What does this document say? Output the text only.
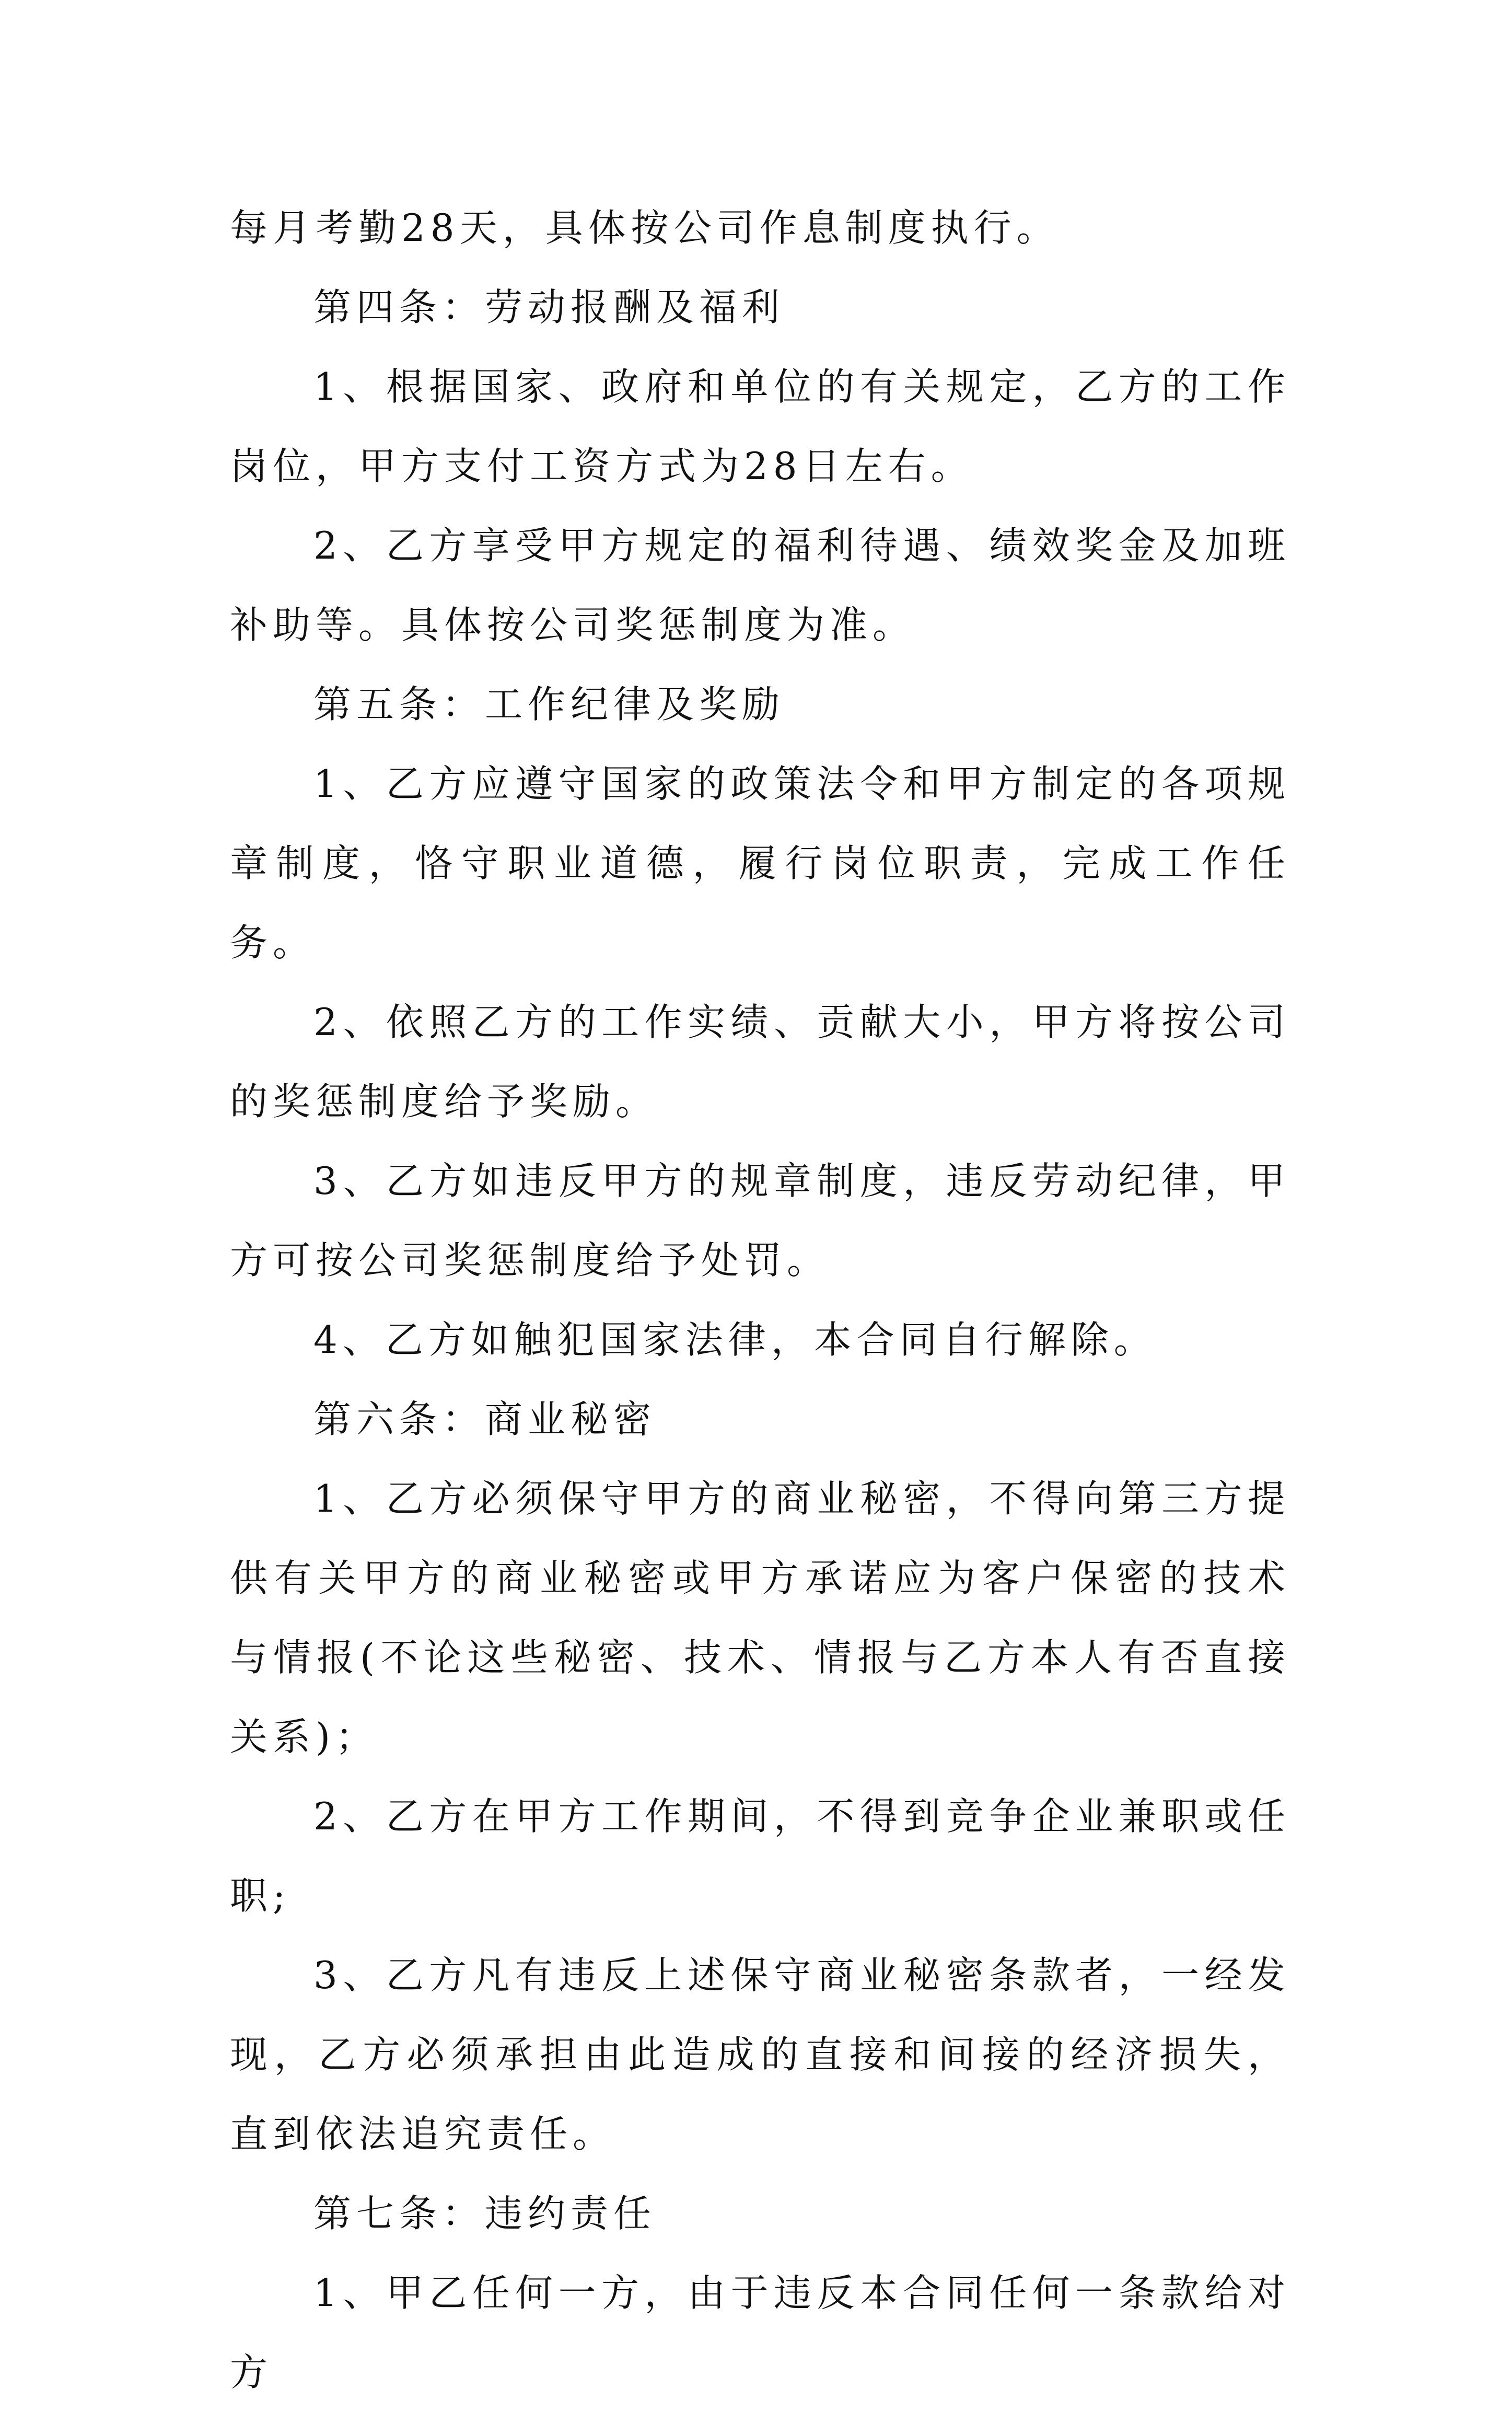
每月考勤28天，具体按公司作息制度执行。

第四条：劳动报酬及福利

1、根据国家、政府和单位的有关规定，乙方的工作岗位，甲方支付工资方式为28日左右。

2、乙方享受甲方规定的福利待遇、绩效奖金及加班补助等。具体按公司奖惩制度为准。

第五条：工作纪律及奖励

1、乙方应遵守国家的政策法令和甲方制定的各项规章制度，恪守职业道德，履行岗位职责，完成工作任务。

2、依照乙方的工作实绩、贡献大小，甲方将按公司的奖惩制度给予奖励。

3、乙方如违反甲方的规章制度，违反劳动纪律，甲方可按公司奖惩制度给予处罚。

4、乙方如触犯国家法律，本合同自行解除。

第六条：商业秘密

1、乙方必须保守甲方的商业秘密，不得向第三方提供有关甲方的商业秘密或甲方承诺应为客户保密的技术与情报(不论这些秘密、技术、情报与乙方本人有否直接关系)；

2、乙方在甲方工作期间，不得到竞争企业兼职或任职;

3、乙方凡有违反上述保守商业秘密条款者，一经发现，乙方必须承担由此造成的直接和间接的经济损失，直到依法追究责任。

第七条：违约责任

1、甲乙任何一方，由于违反本合同任何一条款给对方
